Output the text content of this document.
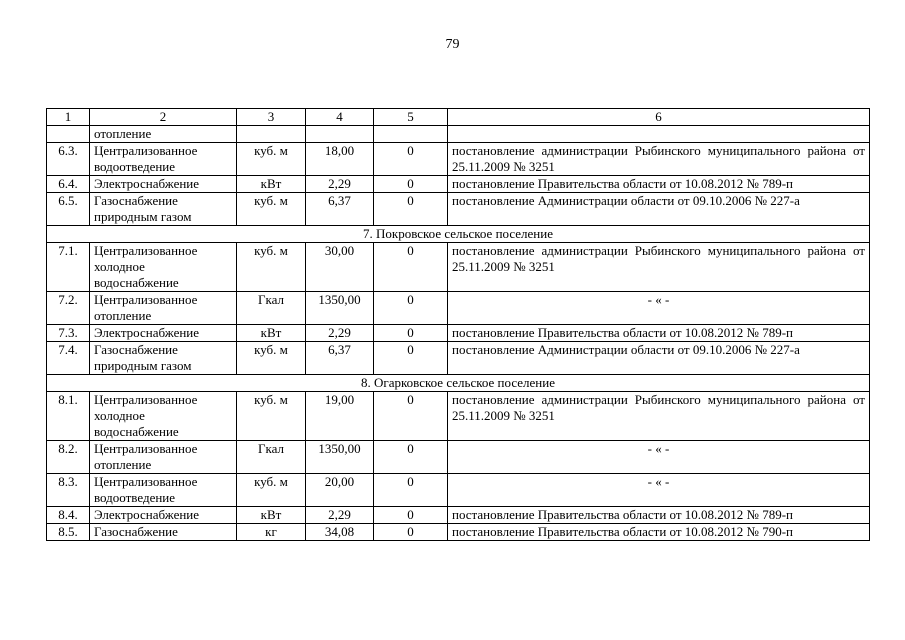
79
1	2	3	4	5	6
	отопление				
6.3.	Централизованное водоотведение	куб. м	18,00	0	постановление администрации Рыбинского муниципального района от 25.11.2009 № 3251
6.4.	Электроснабжение	кВт	2,29	0	постановление Правительства области от 10.08.2012 № 789-п
6.5.	Газоснабжение природным газом	куб. м	6,37	0	постановление Администрации области от 09.10.2006 № 227-а
7. Покровское сельское поселение					
7.1.	Централизованное холодное водоснабжение	куб. м	30,00	0	постановление администрации Рыбинского муниципального района от 25.11.2009 № 3251
7.2.	Централизованное отопление	Гкал	1350,00	0	- « -
7.3.	Электроснабжение	кВт	2,29	0	постановление Правительства области от 10.08.2012 № 789-п
7.4.	Газоснабжение природным газом	куб. м	6,37	0	постановление Администрации области от 09.10.2006 № 227-а
8. Огарковское сельское поселение					
8.1.	Централизованное холодное водоснабжение	куб. м	19,00	0	постановление администрации Рыбинского муниципального района от 25.11.2009 № 3251
8.2.	Централизованное отопление	Гкал	1350,00	0	- « -
8.3.	Централизованное водоотведение	куб. м	20,00	0	- « -
8.4.	Электроснабжение	кВт	2,29	0	постановление Правительства области от 10.08.2012 № 789-п
8.5.	Газоснабжение	кг	34,08	0	постановление Правительства области от 10.08.2012 № 790-п
